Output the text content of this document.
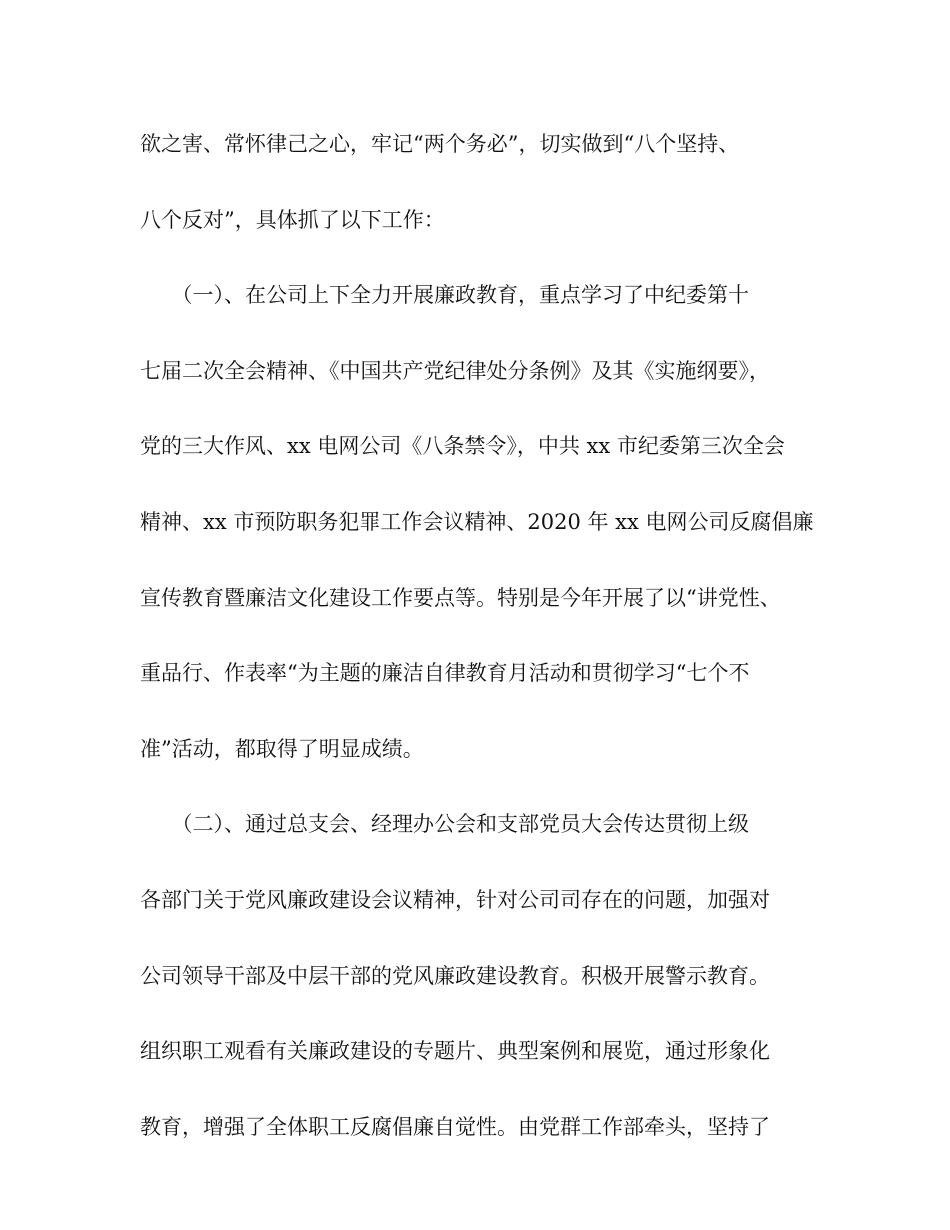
欲之害、常怀律己之心，牢记“两个务必”，切实做到“八个坚持、
八个反对”，具体抓了以下工作：
　　（一）、在公司上下全力开展廉政教育，重点学习了中纪委第十
七届二次全会精神、《中国共产党纪律处分条例》及其《实施纲要》，
党的三大作风、xx 电网公司《八条禁令》，中共 xx 市纪委第三次全会
精神、xx 市预防职务犯罪工作会议精神、2020 年 xx 电网公司反腐倡廉
宣传教育暨廉洁文化建设工作要点等。特别是今年开展了以“讲党性、
重品行、作表率“为主题的廉洁自律教育月活动和贯彻学习“七个不
准”活动，都取得了明显成绩。
　　（二）、通过总支会、经理办公会和支部党员大会传达贯彻上级
各部门关于党风廉政建设会议精神，针对公司司存在的问题，加强对
公司领导干部及中层干部的党风廉政建设教育。积极开展警示教育。
组织职工观看有关廉政建设的专题片、典型案例和展览，通过形象化
教育，增强了全体职工反腐倡廉自觉性。由党群工作部牵头，坚持了
